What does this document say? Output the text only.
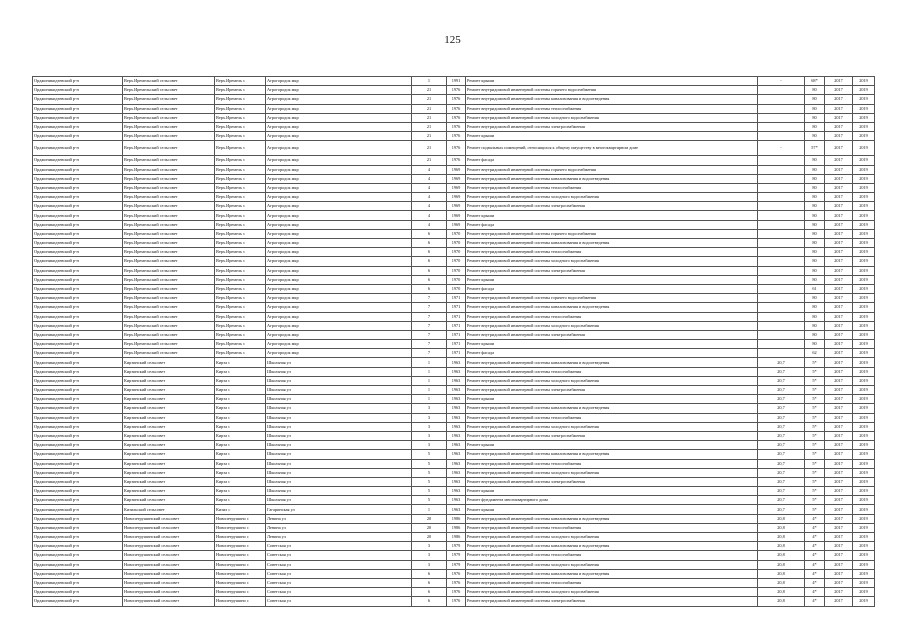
125
Орджоникидзевский р-н	Верх.Иремельский сельсовет	Верх.Иремель с	Агрогородок мкр	1	1991	Ремонт крыши	-	68*	2017	2019
Орджоникидзевский р-н	Верх.Иремельский сельсовет	Верх.Иремель с	Агрогородок мкр	21	1976	Ремонт внутридомовой инженерной системы горячего водоснабжения		80	2017	2019
Орджоникидзевский р-н	Верх.Иремельский сельсовет	Верх.Иремель с	Агрогородок мкр	21	1976	Ремонт внутридомовой инженерной системы канализования и водоотведения		80	2017	2019
Орджоникидзевский р-н	Верх.Иремельский сельсовет	Верх.Иремель с	Агрогородок мкр	21	1976	Ремонт внутридомовой инженерной системы теплоснабжения		80	2017	2019
Орджоникидзевский р-н	Верх.Иремельский сельсовет	Верх.Иремель с	Агрогородок мкр	21	1976	Ремонт внутридомовой инженерной системы холодного водоснабжения		80	2017	2019
Орджоникидзевский р-н	Верх.Иремельский сельсовет	Верх.Иремель с	Агрогородок мкр	21	1976	Ремонт внутридомовой инженерной системы электроснабжения		80	2017	2019
Орджоникидзевский р-н	Верх.Иремельский сельсовет	Верх.Иремель с	Агрогородок мкр	21	1976	Ремонт крыши		80	2017	2019
Орджоникидзевский р-н	Верх.Иремельский сельсовет	Верх.Иремель с	Агрогородок мкр	21	1976	Ремонт подвальных помещений, относящихся к общему имуществу в многоквартирном доме	-	57*	2017	2019
Орджоникидзевский р-н	Верх.Иремельский сельсовет	Верх.Иремель с	Агрогородок мкр	21	1976	Ремонт фасада		80	2017	2019
Орджоникидзевский р-н	Верх.Иремельский сельсовет	Верх.Иремель с	Агрогородок мкр	4	1969	Ремонт внутридомовой инженерной системы горячего водоснабжения		80	2017	2019
Орджоникидзевский р-н	Верх.Иремельский сельсовет	Верх.Иремель с	Агрогородок мкр	4	1969	Ремонт внутридомовой инженерной системы канализования и водоотведения		80	2017	2019
Орджоникидзевский р-н	Верх.Иремельский сельсовет	Верх.Иремель с	Агрогородок мкр	4	1969	Ремонт внутридомовой инженерной системы теплоснабжения		80	2017	2019
Орджоникидзевский р-н	Верх.Иремельский сельсовет	Верх.Иремель с	Агрогородок мкр	4	1969	Ремонт внутридомовой инженерной системы холодного водоснабжения		80	2017	2019
Орджоникидзевский р-н	Верх.Иремельский сельсовет	Верх.Иремель с	Агрогородок мкр	4	1969	Ремонт внутридомовой инженерной системы электроснабжения		80	2017	2019
Орджоникидзевский р-н	Верх.Иремельский сельсовет	Верх.Иремель с	Агрогородок мкр	4	1969	Ремонт крыши		80	2017	2019
Орджоникидзевский р-н	Верх.Иремельский сельсовет	Верх.Иремель с	Агрогородок мкр	4	1969	Ремонт фасада		80	2017	2019
Орджоникидзевский р-н	Верх.Иремельский сельсовет	Верх.Иремель с	Агрогородок мкр	6	1970	Ремонт внутридомовой инженерной системы горячего водоснабжения		80	2017	2019
Орджоникидзевский р-н	Верх.Иремельский сельсовет	Верх.Иремель с	Агрогородок мкр	6	1970	Ремонт внутридомовой инженерной системы канализования и водоотведения		80	2017	2019
Орджоникидзевский р-н	Верх.Иремельский сельсовет	Верх.Иремель с	Агрогородок мкр	6	1970	Ремонт внутридомовой инженерной системы теплоснабжения		80	2017	2019
Орджоникидзевский р-н	Верх.Иремельский сельсовет	Верх.Иремель с	Агрогородок мкр	6	1970	Ремонт внутридомовой инженерной системы холодного водоснабжения		80	2017	2019
Орджоникидзевский р-н	Верх.Иремельский сельсовет	Верх.Иремель с	Агрогородок мкр	6	1970	Ремонт внутридомовой инженерной системы электроснабжения		80	2017	2019
Орджоникидзевский р-н	Верх.Иремельский сельсовет	Верх.Иремель с	Агрогородок мкр	6	1970	Ремонт крыши		80	2017	2019
Орджоникидзевский р-н	Верх.Иремельский сельсовет	Верх.Иремель с	Агрогородок мкр	6	1970	Ремонт фасада		61	2017	2019
Орджоникидзевский р-н	Верх.Иремельский сельсовет	Верх.Иремель с	Агрогородок мкр	7	1971	Ремонт внутридомовой инженерной системы горячего водоснабжения		80	2017	2019
Орджоникидзевский р-н	Верх.Иремельский сельсовет	Верх.Иремель с	Агрогородок мкр	7	1971	Ремонт внутридомовой инженерной системы канализования и водоотведения		80	2017	2019
Орджоникидзевский р-н	Верх.Иремельский сельсовет	Верх.Иремель с	Агрогородок мкр	7	1971	Ремонт внутридомовой инженерной системы теплоснабжения		80	2017	2019
Орджоникидзевский р-н	Верх.Иремельский сельсовет	Верх.Иремель с	Агрогородок мкр	7	1971	Ремонт внутридомовой инженерной системы холодного водоснабжения		80	2017	2019
Орджоникидзевский р-н	Верх.Иремельский сельсовет	Верх.Иремель с	Агрогородок мкр	7	1971	Ремонт внутридомовой инженерной системы электроснабжения		80	2017	2019
Орджоникидзевский р-н	Верх.Иремельский сельсовет	Верх.Иремель с	Агрогородок мкр	7	1971	Ремонт крыши		80	2017	2019
Орджоникидзевский р-н	Верх.Иремельский сельсовет	Верх.Иремель с	Агрогородок мкр	7	1971	Ремонт фасада		62	2017	2019
Орджоникидзевский р-н	Кирзинский сельсовет	Кирза с	Школьная ул	1	1963	Ремонт внутридомовой инженерной системы канализования и водоотведения	20,7	5*	2017	2019
Орджоникидзевский р-н	Кирзинский сельсовет	Кирза с	Школьная ул	1	1963	Ремонт внутридомовой инженерной системы теплоснабжения	20,7	5*	2017	2019
Орджоникидзевский р-н	Кирзинский сельсовет	Кирза с	Школьная ул	1	1963	Ремонт внутридомовой инженерной системы холодного водоснабжения	20,7	5*	2017	2019
Орджоникидзевский р-н	Кирзинский сельсовет	Кирза с	Школьная ул	1	1963	Ремонт внутридомовой инженерной системы электроснабжения	20,7	5*	2017	2019
Орджоникидзевский р-н	Кирзинский сельсовет	Кирза с	Школьная ул	1	1963	Ремонт крыши	20,7	5*	2017	2019
Орджоникидзевский р-н	Кирзинский сельсовет	Кирза с	Школьная ул	3	1963	Ремонт внутридомовой инженерной системы канализования и водоотведения	20,7	5*	2017	2019
Орджоникидзевский р-н	Кирзинский сельсовет	Кирза с	Школьная ул	3	1963	Ремонт внутридомовой инженерной системы теплоснабжения	20,7	5*	2017	2019
Орджоникидзевский р-н	Кирзинский сельсовет	Кирза с	Школьная ул	3	1963	Ремонт внутридомовой инженерной системы холодного водоснабжения	20,7	5*	2017	2019
Орджоникидзевский р-н	Кирзинский сельсовет	Кирза с	Школьная ул	3	1963	Ремонт внутридомовой инженерной системы электроснабжения	20,7	5*	2017	2019
Орджоникидзевский р-н	Кирзинский сельсовет	Кирза с	Школьная ул	3	1963	Ремонт крыши	20,7	5*	2017	2019
Орджоникидзевский р-н	Кирзинский сельсовет	Кирза с	Школьная ул	5	1963	Ремонт внутридомовой инженерной системы канализования и водоотведения	20,7	5*	2017	2019
Орджоникидзевский р-н	Кирзинский сельсовет	Кирза с	Школьная ул	5	1963	Ремонт внутридомовой инженерной системы теплоснабжения	20,7	5*	2017	2019
Орджоникидзевский р-н	Кирзинский сельсовет	Кирза с	Школьная ул	5	1963	Ремонт внутридомовой инженерной системы холодного водоснабжения	20,7	5*	2017	2019
Орджоникидзевский р-н	Кирзинский сельсовет	Кирза с	Школьная ул	5	1963	Ремонт внутридомовой инженерной системы электроснабжения	20,7	5*	2017	2019
Орджоникидзевский р-н	Кирзинский сельсовет	Кирза с	Школьная ул	5	1963	Ремонт крыши	20,7	5*	2017	2019
Орджоникидзевский р-н	Кирзинский сельсовет	Кирза с	Школьная ул	5	1963	Ремонт фундамента многоквартирного дома	20,7	5*	2017	2019
Орджоникидзевский р-н	Кизильский сельсовет	Кизил с	Гагаринская ул	1	1963	Ремонт крыши	20,7	5*	2017	2019
Орджоникидзевский р-н	Новопетрушинский сельсовет	Новопетрушино с	Ленина ул	20	1986	Ремонт внутридомовой инженерной системы канализования и водоотведения	20,8	4*	2017	2019
Орджоникидзевский р-н	Новопетрушинский сельсовет	Новопетрушино с	Ленина ул	20	1986	Ремонт внутридомовой инженерной системы теплоснабжения	20,8	4*	2017	2019
Орджоникидзевский р-н	Новопетрушинский сельсовет	Новопетрушино с	Ленина ул	20	1986	Ремонт внутридомовой инженерной системы холодного водоснабжения	20,8	4*	2017	2019
Орджоникидзевский р-н	Новопетрушинский сельсовет	Новопетрушино с	Советская ул	3	1979	Ремонт внутридомовой инженерной системы канализования и водоотведения	20,8	4*	2017	2019
Орджоникидзевский р-н	Новопетрушинский сельсовет	Новопетрушино с	Советская ул	3	1979	Ремонт внутридомовой инженерной системы теплоснабжения	20,8	4*	2017	2019
Орджоникидзевский р-н	Новопетрушинский сельсовет	Новопетрушино с	Советская ул	3	1979	Ремонт внутридомовой инженерной системы холодного водоснабжения	20,8	4*	2017	2019
Орджоникидзевский р-н	Новопетрушинский сельсовет	Новопетрушино с	Советская ул	6	1976	Ремонт внутридомовой инженерной системы канализования и водоотведения	20,8	4*	2017	2019
Орджоникидзевский р-н	Новопетрушинский сельсовет	Новопетрушино с	Советская ул	6	1976	Ремонт внутридомовой инженерной системы теплоснабжения	20,8	4*	2017	2019
Орджоникидзевский р-н	Новопетрушинский сельсовет	Новопетрушино с	Советская ул	6	1976	Ремонт внутридомовой инженерной системы холодного водоснабжения	20,8	4*	2017	2019
Орджоникидзевский р-н	Новопетрушинский сельсовет	Новопетрушино с	Советская ул	6	1976	Ремонт внутридомовой инженерной системы электроснабжения	20,8	4*	2017	2019
